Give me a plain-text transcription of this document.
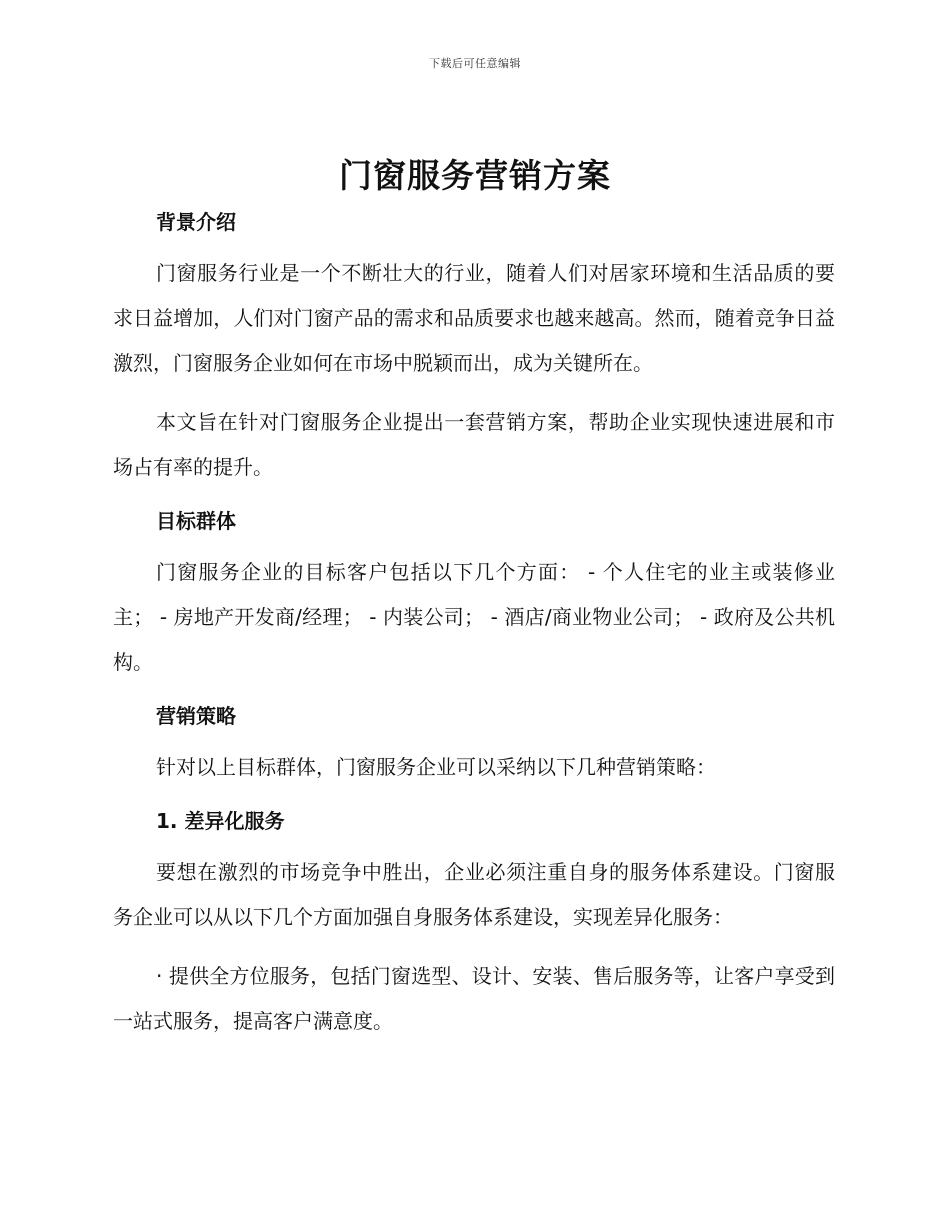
下载后可任意编辑
门窗服务营销方案
背景介绍

门窗服务行业是一个不断壮大的行业，随着人们对居家环境和生活品质的要求日益增加，人们对门窗产品的需求和品质要求也越来越高。然而，随着竞争日益激烈，门窗服务企业如何在市场中脱颖而出，成为关键所在。

本文旨在针对门窗服务企业提出一套营销方案，帮助企业实现快速进展和市场占有率的提升。

目标群体

门窗服务企业的目标客户包括以下几个方面： - 个人住宅的业主或装修业主； - 房地产开发商/经理； - 内装公司； - 酒店/商业物业公司； - 政府及公共机构。

营销策略

针对以上目标群体，门窗服务企业可以采纳以下几种营销策略：

1. 差异化服务

要想在激烈的市场竞争中胜出，企业必须注重自身的服务体系建设。门窗服务企业可以从以下几个方面加强自身服务体系建设，实现差异化服务：

· 提供全方位服务，包括门窗选型、设计、安装、售后服务等，让客户享受到一站式服务，提高客户满意度。
